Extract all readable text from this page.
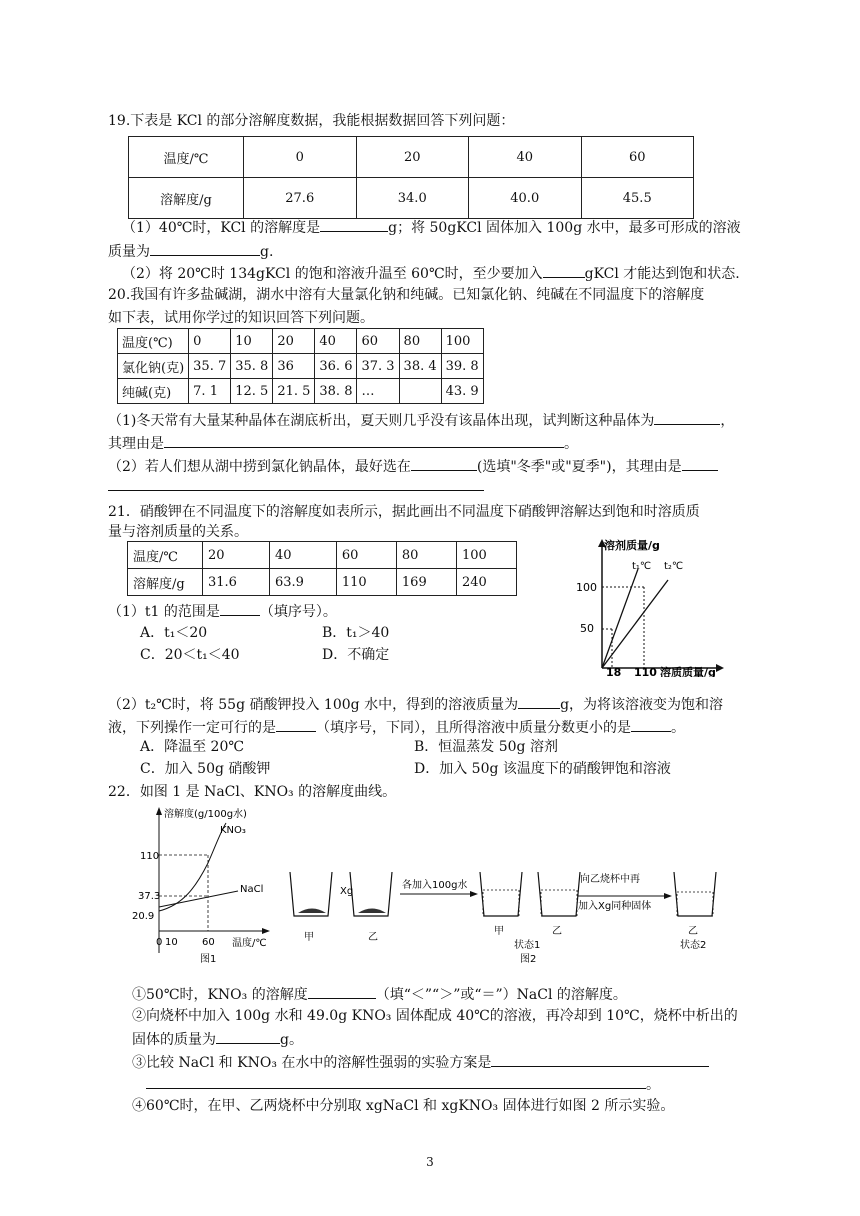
19.下表是 KCl 的部分溶解度数据，我能根据数据回答下列问题：
温度/℃	0	20	40	60
溶解度/g	27.6	34.0	40.0	45.5
（1）40℃时，KCl 的溶解度是	g；将 50gKCl 固体加入 100g 水中，最多可形成的溶液
质量为	g.
（2）将 20℃时 134gKCl 的饱和溶液升温至 60℃时，至少要加入	gKCl 才能达到饱和状态.
20.我国有许多盐碱湖，湖水中溶有大量氯化钠和纯碱。已知氯化钠、纯碱在不同温度下的溶解度
如下表，试用你学过的知识回答下列问题。
温度(℃)	0	10	20	40	60	80	100
氯化钠(克)	35. 7	35. 8	36	36. 6	37. 3	38. 4	39. 8
纯碱(克)	7. 1	12. 5	21. 5	38. 8	…		43. 9
（1)冬天常有大量某种晶体在湖底析出，夏天则几乎没有该晶体出现，试判断这种晶体为	，
其理由是	。
（2）若人们想从湖中捞到氯化钠晶体，最好选在	(选填"冬季"或"夏季")，其理由是
21．硝酸钾在不同温度下的溶解度如表所示，据此画出不同温度下硝酸钾溶解达到饱和时溶质质
量与溶剂质量的关系。
温度/℃	20	40	60	80	100
溶解度/g	31.6	63.9	110	169	240
（1）t1 的范围是	（填序号）。
A．t₁＜20	B．t₁＞40
C．20＜t₁＜40	D．不确定
溶剂质量/g
100
50
18 110 溶质质量/g
t₁℃ t₂℃
（2）t₂℃时，将 55g 硝酸钾投入 100g 水中，得到的溶液质量为	g，为将该溶液变为饱和溶
液，下列操作一定可行的是	（填序号，下同），且所得溶液中质量分数更小的是	。
A．降温至 20℃	B．恒温蒸发 50g 溶剂
C．加入 50g 硝酸钾	D．加入 50g 该温度下的硝酸钾饱和溶液
22．如图 1 是 NaCl、KNO₃ 的溶解度曲线。
溶解度(g/100g水)
KNO₃
NaCl
110
37.3
20.9
0 10 60 温度/℃
图1
Xg
甲	乙
各加入100g水
甲	乙
状态1
向乙烧杯中再
加入Xg同种固体
乙
状态2
图2
①50℃时，KNO₃ 的溶解度	（填“＜”“＞”或“＝”）NaCl 的溶解度。
②向烧杯中加入 100g 水和 49.0g KNO₃ 固体配成 40℃的溶液，再冷却到 10℃，烧杯中析出的
固体的质量为	g。
③比较 NaCl 和 KNO₃ 在水中的溶解性强弱的实验方案是
。
④60℃时，在甲、乙两烧杯中分别取 xgNaCl 和 xgKNO₃ 固体进行如图 2 所示实验。
3
